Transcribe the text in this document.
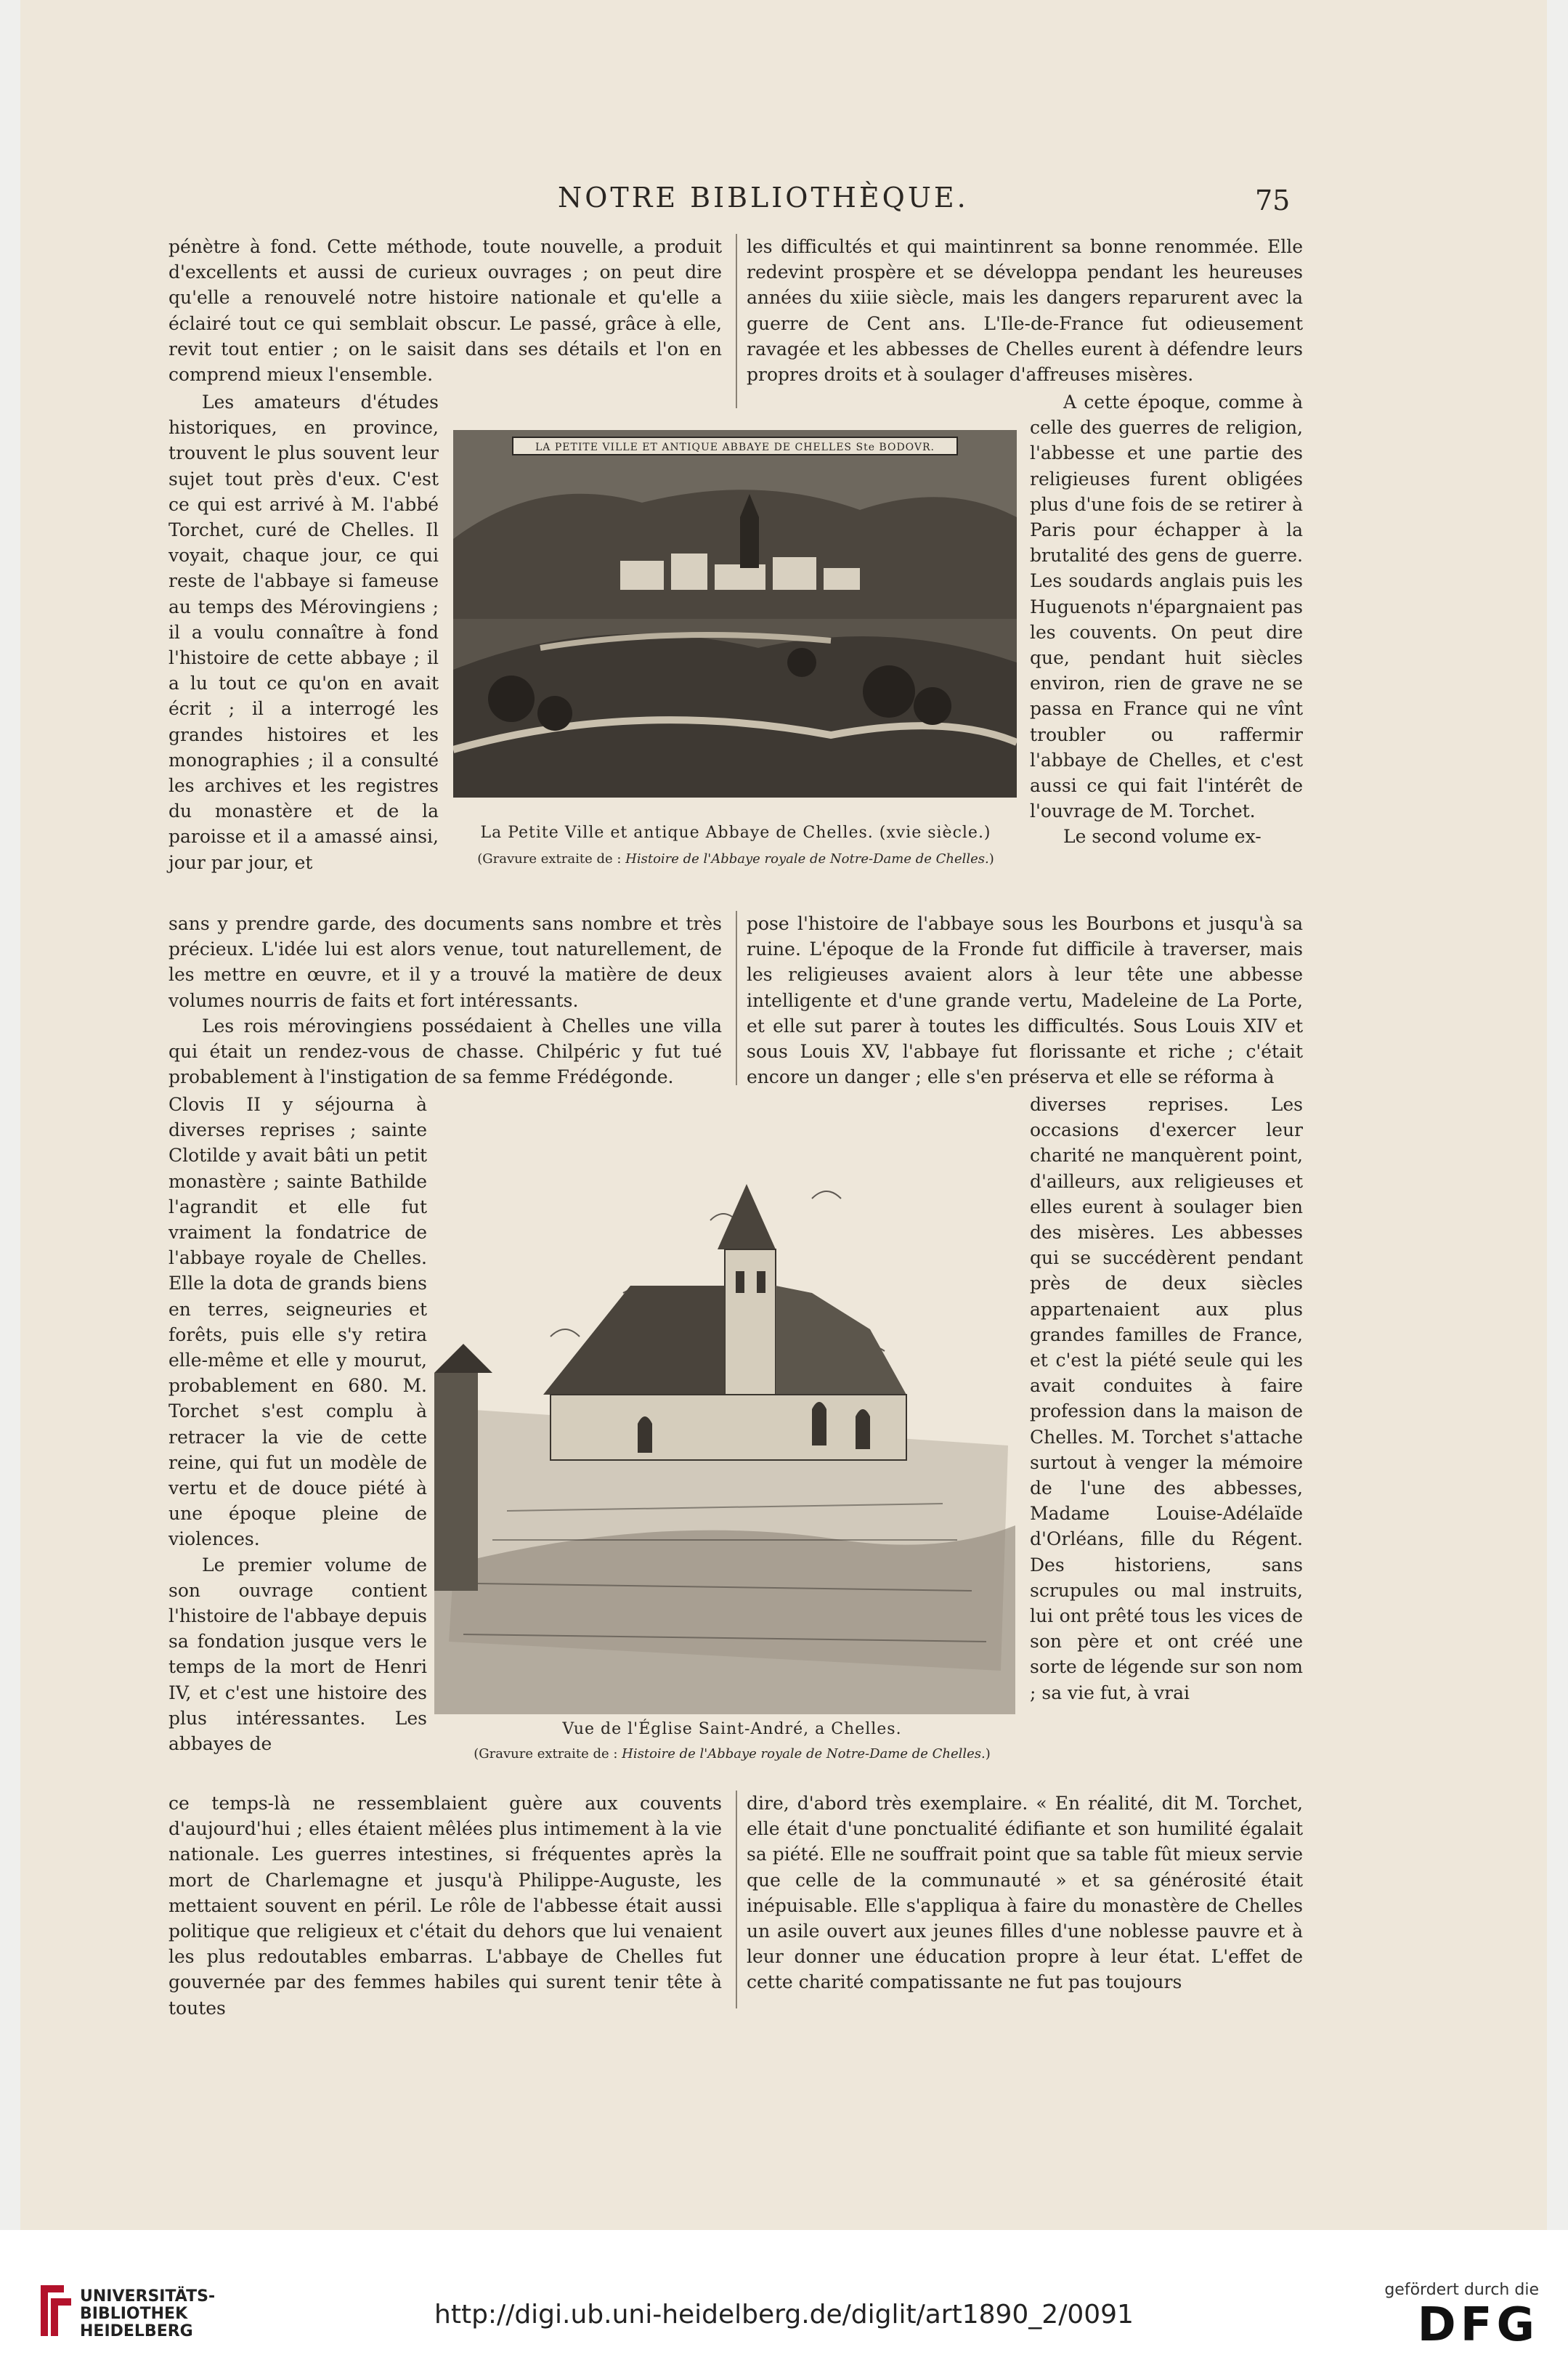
NOTRE BIBLIOTHÈQUE.	75

pénètre à fond. Cette méthode, toute nouvelle, a produit d'excellents et aussi de curieux ouvrages ; on peut dire qu'elle a renouvelé notre histoire nationale et qu'elle a éclairé tout ce qui semblait obscur. Le passé, grâce à elle, revit tout entier ; on le saisit dans ses détails et l'on en comprend mieux l'ensemble.

Les amateurs d'études historiques, en province, trouvent le plus souvent leur sujet tout près d'eux. C'est ce qui est arrivé à M. l'abbé Torchet, curé de Chelles. Il voyait, chaque jour, ce qui reste de l'abbaye si fameuse au temps des Mérovingiens ; il a voulu connaître à fond l'histoire de cette abbaye ; il a lu tout ce qu'on en avait écrit ; il a interrogé les grandes histoires et les monographies ; il a consulté les archives et les registres du monastère et de la paroisse et il a amassé ainsi, jour par jour, et

sans y prendre garde, des documents sans nombre et très précieux. L'idée lui est alors venue, tout naturellement, de les mettre en œuvre, et il y a trouvé la matière de deux volumes nourris de faits et fort intéressants.

Les rois mérovingiens possédaient à Chelles une villa qui était un rendez-vous de chasse. Chilpéric y fut tué probablement à l'instigation de sa femme Frédégonde.

Clovis II y séjourna à diverses reprises ; sainte Clotilde y avait bâti un petit monastère ; sainte Bathilde l'agrandit et elle fut vraiment la fondatrice de l'abbaye royale de Chelles. Elle la dota de grands biens en terres, seigneuries et forêts, puis elle s'y retira elle-même et elle y mourut, probablement en 680. M. Torchet s'est complu à retracer la vie de cette reine, qui fut un modèle de vertu et de douce piété à une époque pleine de violences.

Le premier volume de son ouvrage contient l'histoire de l'abbaye depuis sa fondation jusque vers le temps de la mort de Henri IV, et c'est une histoire des plus intéressantes. Les abbayes de

ce temps-là ne ressemblaient guère aux couvents d'aujourd'hui ; elles étaient mêlées plus intimement à la vie nationale. Les guerres intestines, si fréquentes après la mort de Charlemagne et jusqu'à Philippe-Auguste, les mettaient souvent en péril. Le rôle de l'abbesse était aussi politique que religieux et c'était du dehors que lui venaient les plus redoutables embarras. L'abbaye de Chelles fut gouvernée par des femmes habiles qui surent tenir tête à toutes

les difficultés et qui maintinrent sa bonne renommée. Elle redevint prospère et se développa pendant les heureuses années du xiiie siècle, mais les dangers reparurent avec la guerre de Cent ans. L'Ile-de-France fut odieusement ravagée et les abbesses de Chelles eurent à défendre leurs propres droits et à soulager d'affreuses misères.

A cette époque, comme à celle des guerres de religion, l'abbesse et une partie des religieuses furent obligées plus d'une fois de se retirer à Paris pour échapper à la brutalité des gens de guerre. Les soudards anglais puis les Huguenots n'épargnaient pas les couvents. On peut dire que, pendant huit siècles environ, rien de grave ne se passa en France qui ne vînt troubler ou raffermir l'abbaye de Chelles, et c'est aussi ce qui fait l'intérêt de l'ouvrage de M. Torchet.

Le second volume ex-

pose l'histoire de l'abbaye sous les Bourbons et jusqu'à sa ruine. L'époque de la Fronde fut difficile à traverser, mais les religieuses avaient alors à leur tête une abbesse intelligente et d'une grande vertu, Madeleine de La Porte, et elle sut parer à toutes les difficultés. Sous Louis XIV et sous Louis XV, l'abbaye fut florissante et riche ; c'était encore un danger ; elle s'en préserva et elle se réforma à

diverses reprises. Les occasions d'exercer leur charité ne manquèrent point, d'ailleurs, aux religieuses et elles eurent à soulager bien des misères. Les abbesses qui se succédèrent pendant près de deux siècles appartenaient aux plus grandes familles de France, et c'est la piété seule qui les avait conduites à faire profession dans la maison de Chelles. M. Torchet s'attache surtout à venger la mémoire de l'une des abbesses, Madame Louise-Adélaïde d'Orléans, fille du Régent. Des historiens, sans scrupules ou mal instruits, lui ont prêté tous les vices de son père et ont créé une sorte de légende sur son nom ; sa vie fut, à vrai

dire, d'abord très exemplaire. « En réalité, dit M. Torchet, elle était d'une ponctualité édifiante et son humilité égalait sa piété. Elle ne souffrait point que sa table fût mieux servie que celle de la communauté » et sa générosité était inépuisable. Elle s'appliqua à faire du monastère de Chelles un asile ouvert aux jeunes filles d'une noblesse pauvre et à leur donner une éducation propre à leur état. L'effet de cette charité compatissante ne fut pas toujours

LA PETITE VILLE ET ANTIQUE ABBAYE DE CHELLES Ste BODOVR.
La Petite Ville et antique Abbaye de Chelles. (xvie siècle.)
(Gravure extraite de : Histoire de l'Abbaye royale de Notre-Dame de Chelles.)
Vue de l'Église Saint-André, a Chelles.
(Gravure extraite de : Histoire de l'Abbaye royale de Notre-Dame de Chelles.)
UNIVERSITÄTS-
BIBLIOTHEK
HEIDELBERG
http://digi.ub.uni-heidelberg.de/diglit/art1890_2/0091
gefördert durch die
DFG
